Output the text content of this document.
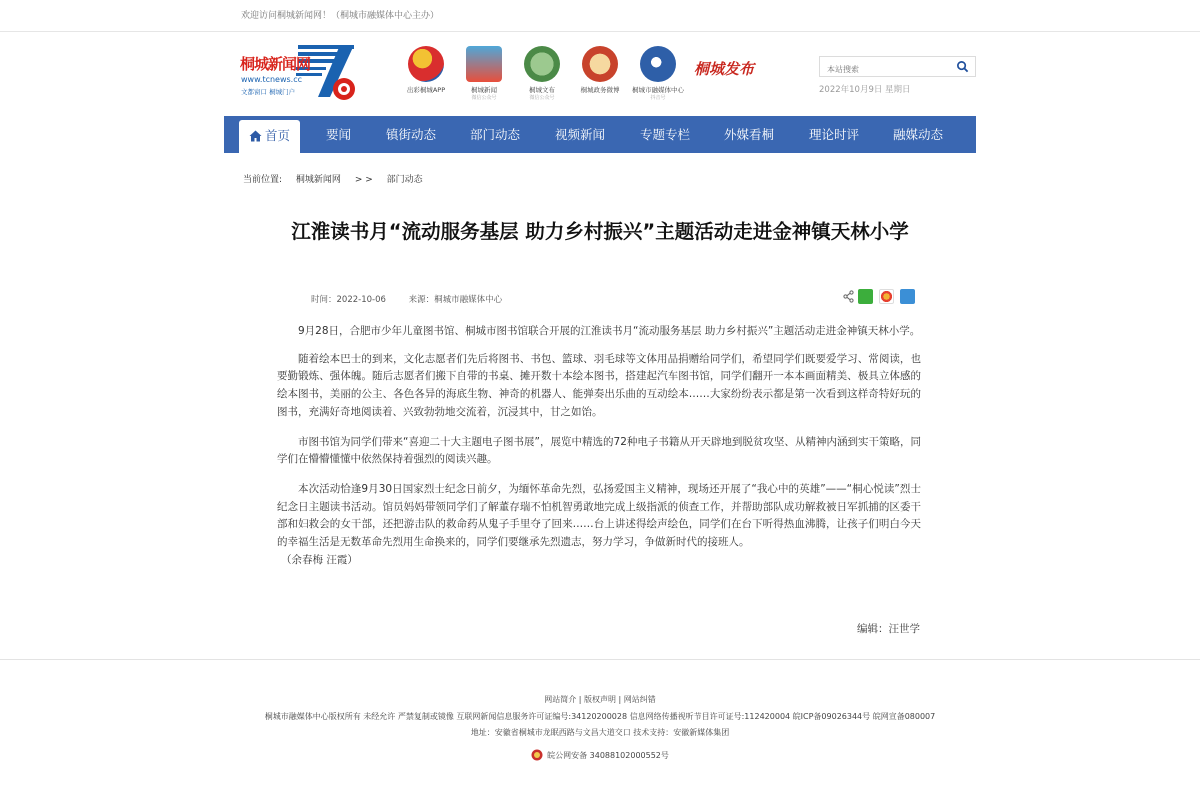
欢迎访问桐城新闻网！（桐城市融媒体中心主办）
桐城新闻网
www.tcnews.cc
文都窗口 桐城门户	出彩桐城APP	桐城新闻
微信公众号
桐城文布
微信公众号
桐城政务微博	桐城市融媒体中心
抖音号
桐城发布
本站搜索
2022年10月9日 星期日
首页	要闻	镇街动态	部门动态	视频新闻	专题专栏	外媒看桐	理论时评	融媒动态
当前位置: 桐城新闻网 > > 部门动态
江淮读书月“流动服务基层 助力乡村振兴”主题活动走进金神镇天林小学
时间：2022-10-06	来源：桐城市融媒体中心

9月28日，合肥市少年儿童图书馆、桐城市图书馆联合开展的江淮读书月“流动服务基层 助力乡村振兴”主题活动走进金神镇天林小学。

随着绘本巴士的到来，文化志愿者们先后将图书、书包、篮球、羽毛球等文体用品捐赠给同学们，希望同学们既要爱学习、常阅读，也要勤锻炼、强体魄。随后志愿者们搬下自带的书桌、摊开数十本绘本图书，搭建起汽车图书馆，同学们翻开一本本画面精美、极具立体感的绘本图书，美丽的公主、各色各异的海底生物、神奇的机器人、能弹奏出乐曲的互动绘本……大家纷纷表示都是第一次看到这样奇特好玩的图书，充满好奇地阅读着、兴致勃勃地交流着，沉浸其中，甘之如饴。

市图书馆为同学们带来“喜迎二十大主题电子图书展”，展览中精选的72种电子书籍从开天辟地到脱贫攻坚、从精神内涵到实干策略，同学们在懵懵懂懂中依然保持着强烈的阅读兴趣。

本次活动恰逢9月30日国家烈士纪念日前夕，为缅怀革命先烈，弘扬爱国主义精神，现场还开展了“我心中的英雄”——“桐心悦读”烈士纪念日主题读书活动。馆员妈妈带领同学们了解董存瑞不怕机智勇敢地完成上级指派的侦查工作，并帮助部队成功解救被日军抓捕的区委干部和妇救会的女干部，还把游击队的救命药从鬼子手里夺了回来……台上讲述得绘声绘色，同学们在台下听得热血沸腾，让孩子们明白今天的幸福生活是无数革命先烈用生命换来的，同学们要继承先烈遗志，努力学习，争做新时代的接班人。

（余春梅 汪霞）

编辑：汪世学
网站简介 | 版权声明 | 网站纠错
桐城市融媒体中心版权所有 未经允许 严禁复制或镜像 互联网新闻信息服务许可证编号:34120200028 信息网络传播视听节目许可证号:112420004 皖ICP备09026344号 皖网宣备080007
地址：安徽省桐城市龙眠西路与文昌大道交口 技术支持：安徽新媒体集团
皖公网安备 34088102000552号
